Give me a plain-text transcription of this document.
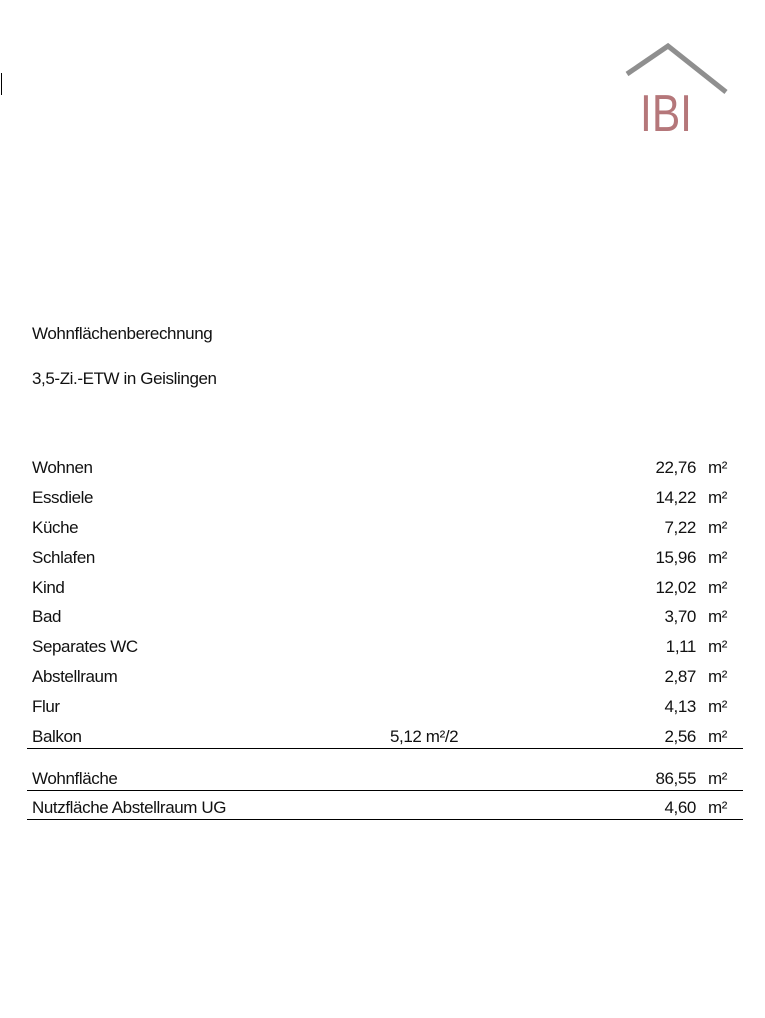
IBI
Wohnflächenberechnung
3,5-Zi.-ETW in Geislingen
Wohnen	22,76 m²
Essdiele	14,22 m²
Küche	7,22 m²
Schlafen	15,96 m²
Kind	12,02 m²
Bad	3,70 m²
Separates WC	1,11 m²
Abstellraum	2,87 m²
Flur	4,13 m²
Balkon	5,12 m²/2	2,56 m²
Wohnfläche	86,55 m²
Nutzfläche Abstellraum UG	4,60 m²
